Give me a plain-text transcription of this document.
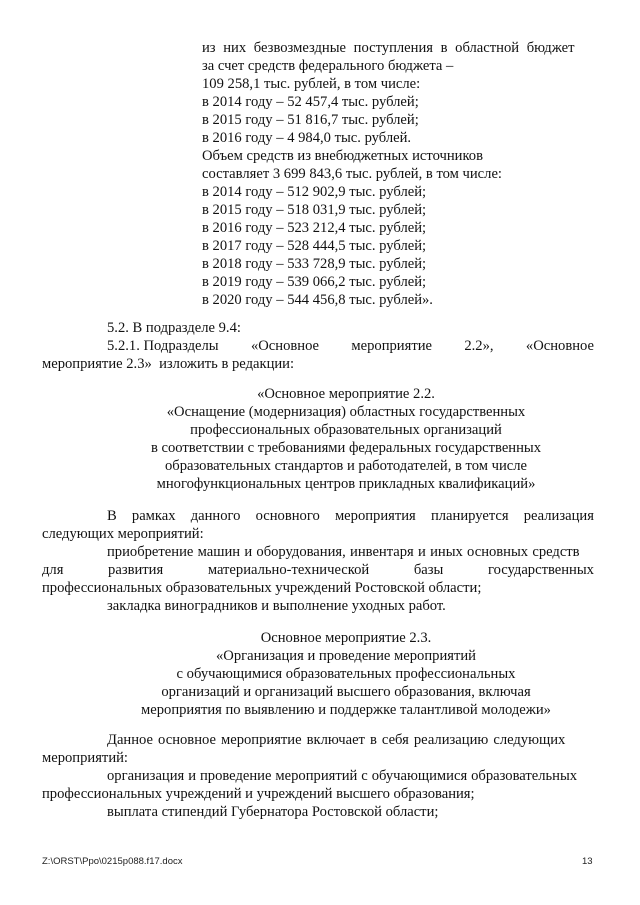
из них безвозмездные поступления в областной бюджет
за счет средств федерального бюджета –
109 258,1 тыс. рублей, в том числе:
в 2014 году – 52 457,4 тыс. рублей;
в 2015 году – 51 816,7 тыс. рублей;
в 2016 году – 4 984,0 тыс. рублей.
Объем средств из внебюджетных источников
составляет 3 699 843,6 тыс. рублей, в том числе:
в 2014 году – 512 902,9 тыс. рублей;
в 2015 году – 518 031,9 тыс. рублей;
в 2016 году – 523 212,4 тыс. рублей;
в 2017 году – 528 444,5 тыс. рублей;
в 2018 году – 533 728,9 тыс. рублей;
в 2019 году – 539 066,2 тыс. рублей;
в 2020 году – 544 456,8 тыс. рублей».
5.2. В подразделе 9.4:
5.2.1. Подразделы «Основное мероприятие 2.2», «Основное
мероприятие 2.3»  изложить в редакции:
«Основное мероприятие 2.2.
«Оснащение (модернизация) областных государственных
профессиональных образовательных организаций
в соответствии с требованиями федеральных государственных
образовательных стандартов и работодателей, в том числе
многофункциональных центров прикладных квалификаций»
В рамках данного основного мероприятия планируется реализация
следующих мероприятий:
приобретение машин и оборудования, инвентаря и иных основных средств
для	развития	материально-технической	базы	государственных
профессиональных образовательных учреждений Ростовской области;
закладка виноградников и выполнение уходных работ.
Основное мероприятие 2.3.
«Организация и проведение мероприятий
с обучающимися образовательных профессиональных
организаций и организаций высшего образования, включая
мероприятия по выявлению и поддержке талантливой молодежи»
Данное основное мероприятие включает в себя реализацию следующих
мероприятий:
организация и проведение мероприятий с обучающимися образовательных
профессиональных учреждений и учреждений высшего образования;
выплата стипендий Губернатора Ростовской области;
Z:\ORST\Ppo\0215p088.f17.docx	13
